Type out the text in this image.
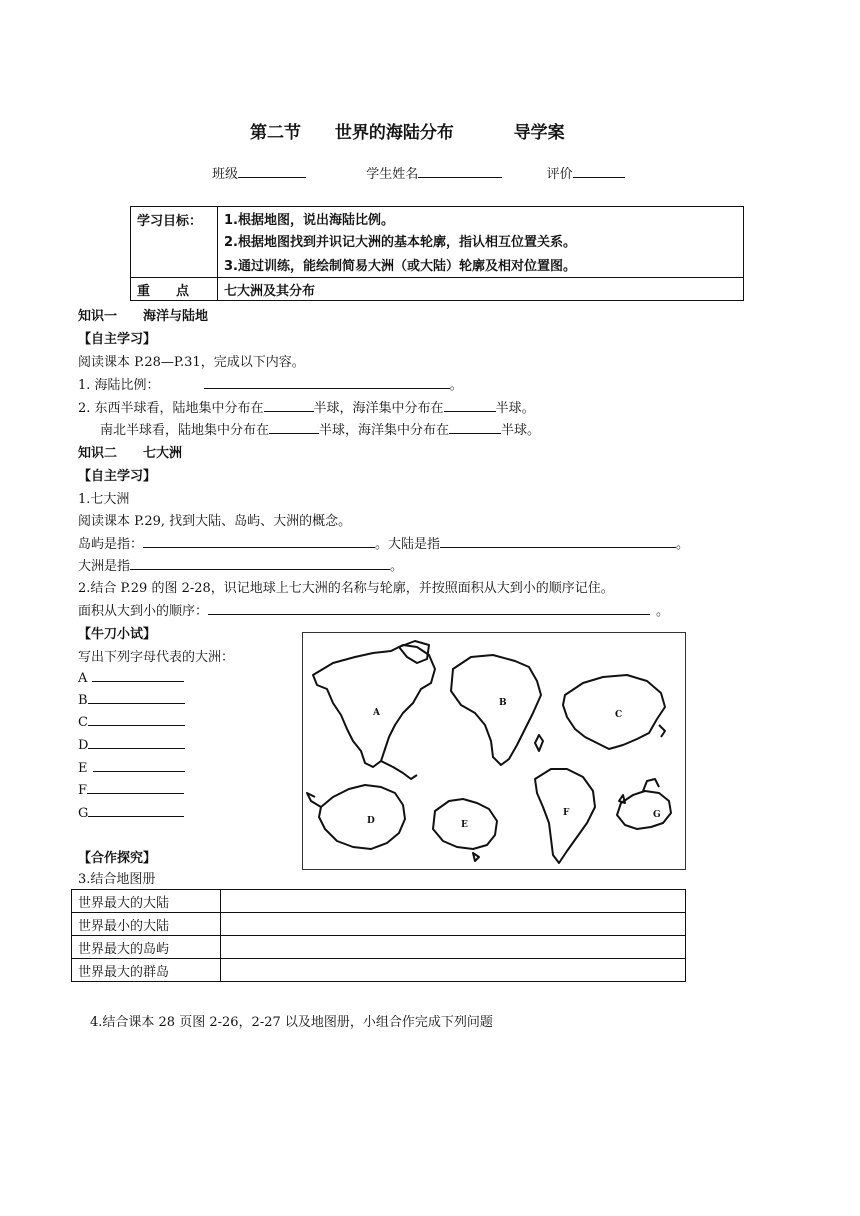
第二节 世界的海陆分布	导学案
班级	学生姓名	评价
学习目标：	1.根据地图，说出海陆比例。
	2.根据地图找到并识记大洲的基本轮廓，指认相互位置关系。
	3.通过训练，能绘制简易大洲（或大陆）轮廓及相对位置图。
重　　点	七大洲及其分布
知识一　　海洋与陆地
【自主学习】
阅读课本 P.28—P.31，完成以下内容。
1. 海陆比例：	。
2. 东西半球看，陆地集中分布在	半球，海洋集中分布在	半球。
南北半球看，陆地集中分布在	半球，海洋集中分布在	半球。
知识二　　七大洲
【自主学习】
1.七大洲
阅读课本 P.29, 找到大陆、岛屿、大洲的概念。
岛屿是指：	。大陆是指	。
大洲是指	。
2.结合 P.29 的图 2-28，识记地球上七大洲的名称与轮廓，并按照面积从大到小的顺序记住。
面积从大到小的顺序：	。
【牛刀小试】
写出下列字母代表的大洲：
A
B
C
D
E
F
G
A
B
C
D	E
F	G
【合作探究】
3.结合地图册
世界最大的大陆	
世界最小的大陆	
世界最大的岛屿	
世界最大的群岛	
4.结合课本 28 页图 2-26，2-27 以及地图册，小组合作完成下列问题
